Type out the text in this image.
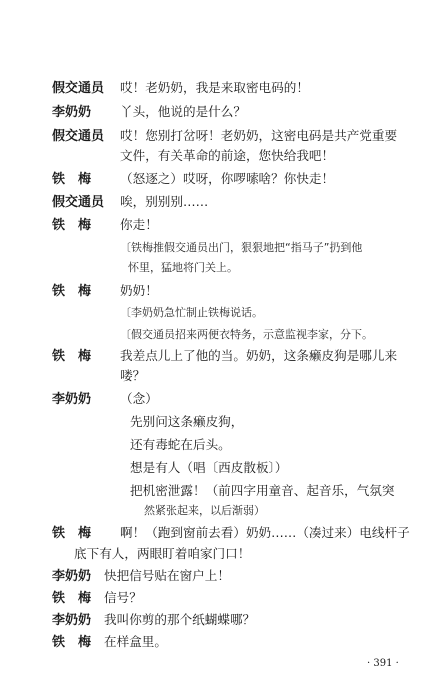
假交通员 哎！老奶奶，我是来取密电码的！
李奶奶 丫头，他说的是什么？
假交通员 哎！您别打岔呀！老奶奶，这密电码是共产党重要
文件，有关革命的前途，您快给我吧！
铁　梅 （怒逐之）哎呀，你啰嗦啥？你快走！
假交通员 唉，别别别……
铁　梅 你走！
〔铁梅推假交通员出门，狠狠地把“指马子”扔到他
怀里，猛地将门关上。
铁　梅 奶奶！
〔李奶奶急忙制止铁梅说话。
〔假交通员招来两便衣特务，示意监视李家，分下。
铁　梅 我差点儿上了他的当。奶奶，这条癞皮狗是哪儿来
喽？
李奶奶 （念）
先别问这条癞皮狗，
还有毒蛇在后头。
想是有人（唱〔西皮散板〕）
把机密泄露！（前四字用童音、起音乐，气氛突
然紧张起来，以后渐弱）
铁　梅 啊！（跑到窗前去看）奶奶……（凑过来）电线杆子
底下有人，两眼盯着咱家门口！
李奶奶 快把信号贴在窗户上！
铁　梅 信号？
李奶奶 我叫你剪的那个纸蝴蝶哪？
铁　梅 在样盒里。
· 391 ·
